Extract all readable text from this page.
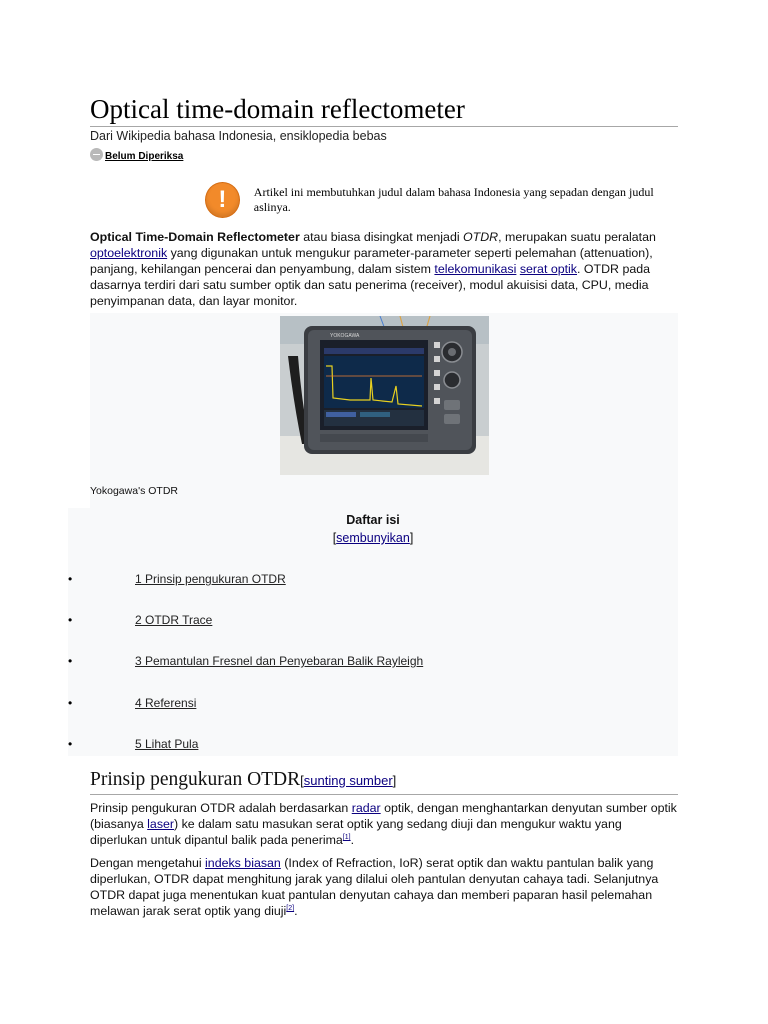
Optical time-domain reflectometer
Dari Wikipedia bahasa Indonesia, ensiklopedia bebas
Belum Diperiksa
!	Artikel ini membutuhkan judul dalam bahasa Indonesia yang sepadan dengan judul aslinya.

Optical Time-Domain Reflectometer atau biasa disingkat menjadi OTDR, merupakan suatu peralatan optoelektronik yang digunakan untuk mengukur parameter-parameter seperti pelemahan (attenuation), panjang, kehilangan pencerai dan penyambung, dalam sistem telekomunikasi serat optik. OTDR pada dasarnya terdiri dari satu sumber optik dan satu penerima (receiver), modul akuisisi data, CPU, media penyimpanan data, dan layar monitor.

YOKOGAWA
Yokogawa's OTDR
Daftar isi
[sembunyikan]
•	1 Prinsip pengukuran OTDR
•	2 OTDR Trace
•	3 Pemantulan Fresnel dan Penyebaran Balik Rayleigh
•	4 Referensi
•	5 Lihat Pula
Prinsip pengukuran OTDR[sunting sumber]

Prinsip pengukuran OTDR adalah berdasarkan radar optik, dengan menghantarkan denyutan sumber optik (biasanya laser) ke dalam satu masukan serat optik yang sedang diuji dan mengukur waktu yang diperlukan untuk dipantul balik pada penerima[1].

Dengan mengetahui indeks biasan (Index of Refraction, IoR) serat optik dan waktu pantulan balik yang diperlukan, OTDR dapat menghitung jarak yang dilalui oleh pantulan denyutan cahaya tadi. Selanjutnya OTDR dapat juga menentukan kuat pantulan denyutan cahaya dan memberi paparan hasil pelemahan melawan jarak serat optik yang diuji[2].
